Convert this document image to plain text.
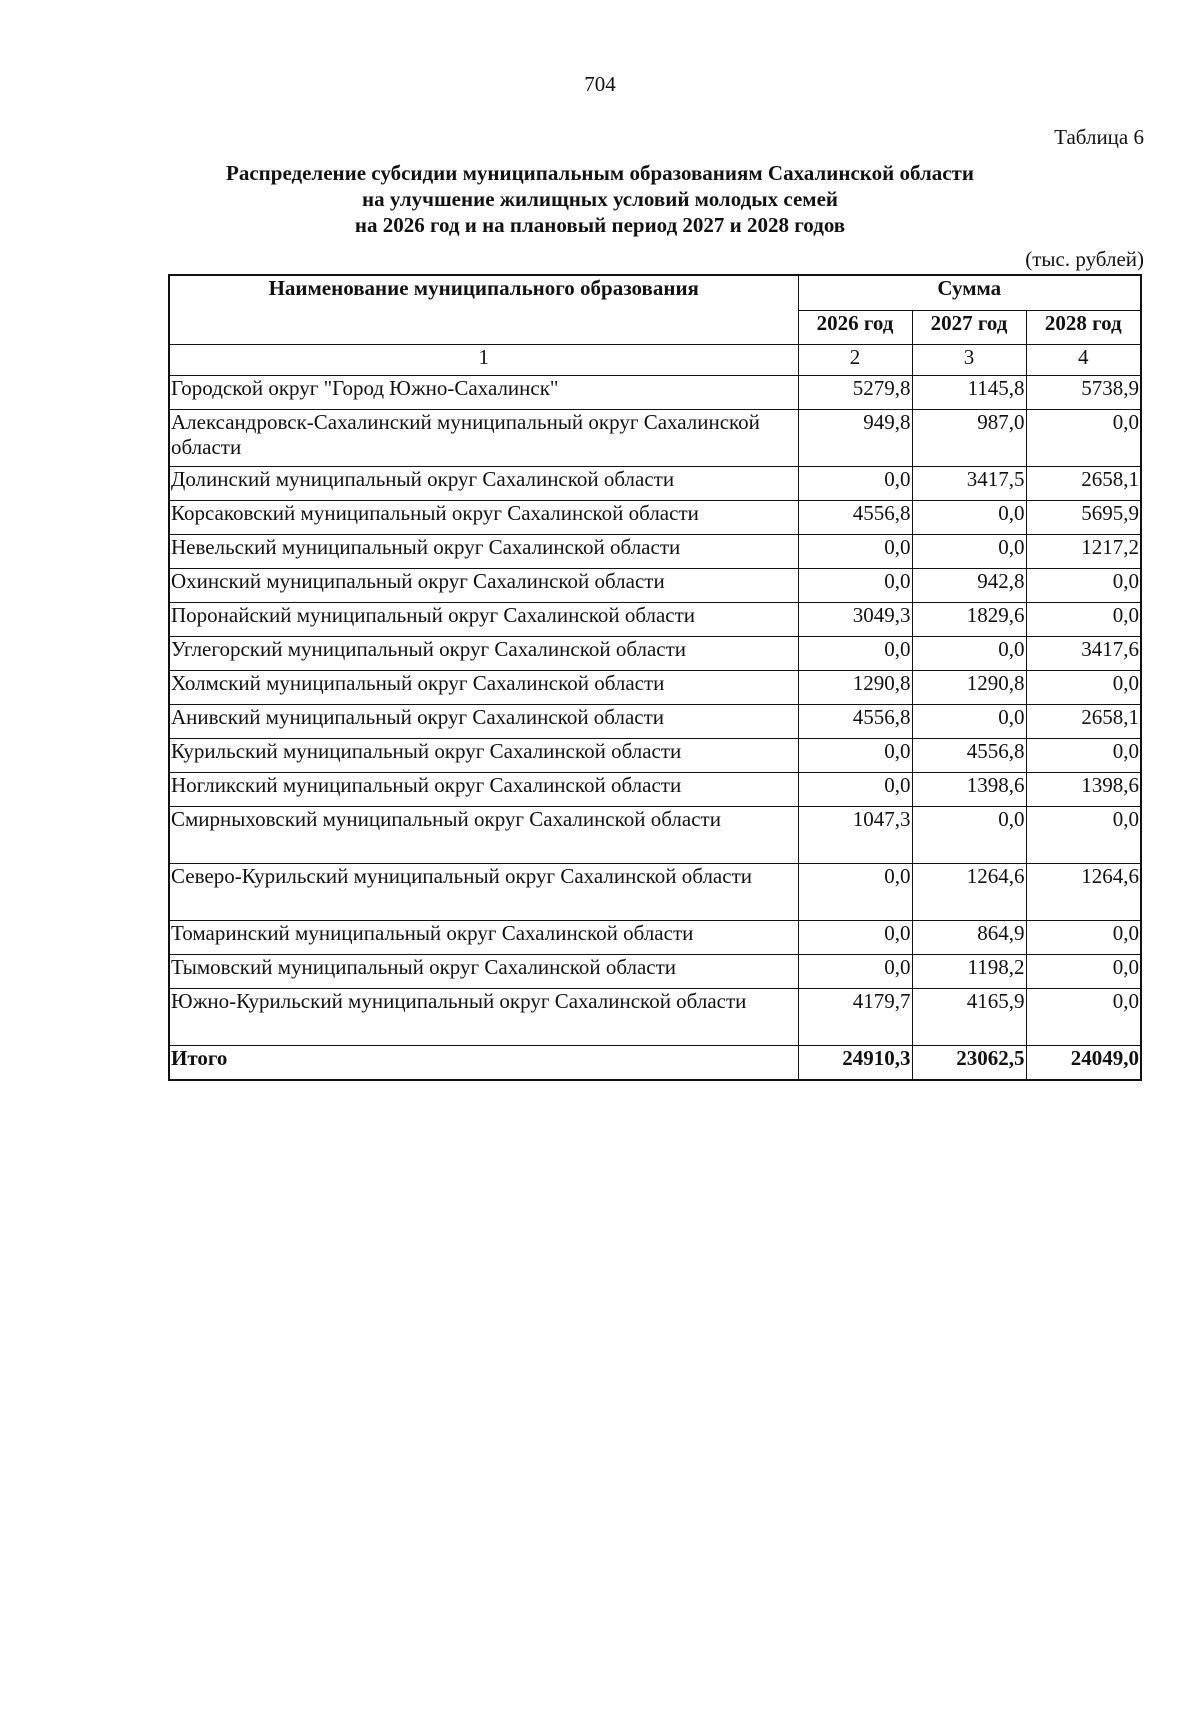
704
Таблица 6
Распределение субсидии муниципальным образованиям Сахалинской области
на улучшение жилищных условий молодых семей
на 2026 год и на плановый период 2027 и 2028 годов
(тыс. рублей)
Наименование муниципального образования	Сумма		
	2026 год	2027 год	2028 год
1	2	3	4
Городской округ "Город Южно-Сахалинск"	5279,8	1145,8	5738,9
Александровск-Сахалинский муниципальный округ Сахалинской области	949,8	987,0	0,0
Долинский муниципальный округ Сахалинской области	0,0	3417,5	2658,1
Корсаковский муниципальный округ Сахалинской области	4556,8	0,0	5695,9
Невельский муниципальный округ Сахалинской области	0,0	0,0	1217,2
Охинский муниципальный округ Сахалинской области	0,0	942,8	0,0
Поронайский муниципальный округ Сахалинской области	3049,3	1829,6	0,0
Углегорский муниципальный округ Сахалинской области	0,0	0,0	3417,6
Холмский муниципальный округ Сахалинской области	1290,8	1290,8	0,0
Анивский муниципальный округ Сахалинской области	4556,8	0,0	2658,1
Курильский муниципальный округ Сахалинской области	0,0	4556,8	0,0
Ногликский муниципальный округ Сахалинской области	0,0	1398,6	1398,6
Смирныховский муниципальный округ Сахалинской области	1047,3	0,0	0,0
Северо-Курильский муниципальный округ Сахалинской области	0,0	1264,6	1264,6
Томаринский муниципальный округ Сахалинской области	0,0	864,9	0,0
Тымовский муниципальный округ Сахалинской области	0,0	1198,2	0,0
Южно-Курильский муниципальный округ Сахалинской области	4179,7	4165,9	0,0
Итого	24910,3	23062,5	24049,0
